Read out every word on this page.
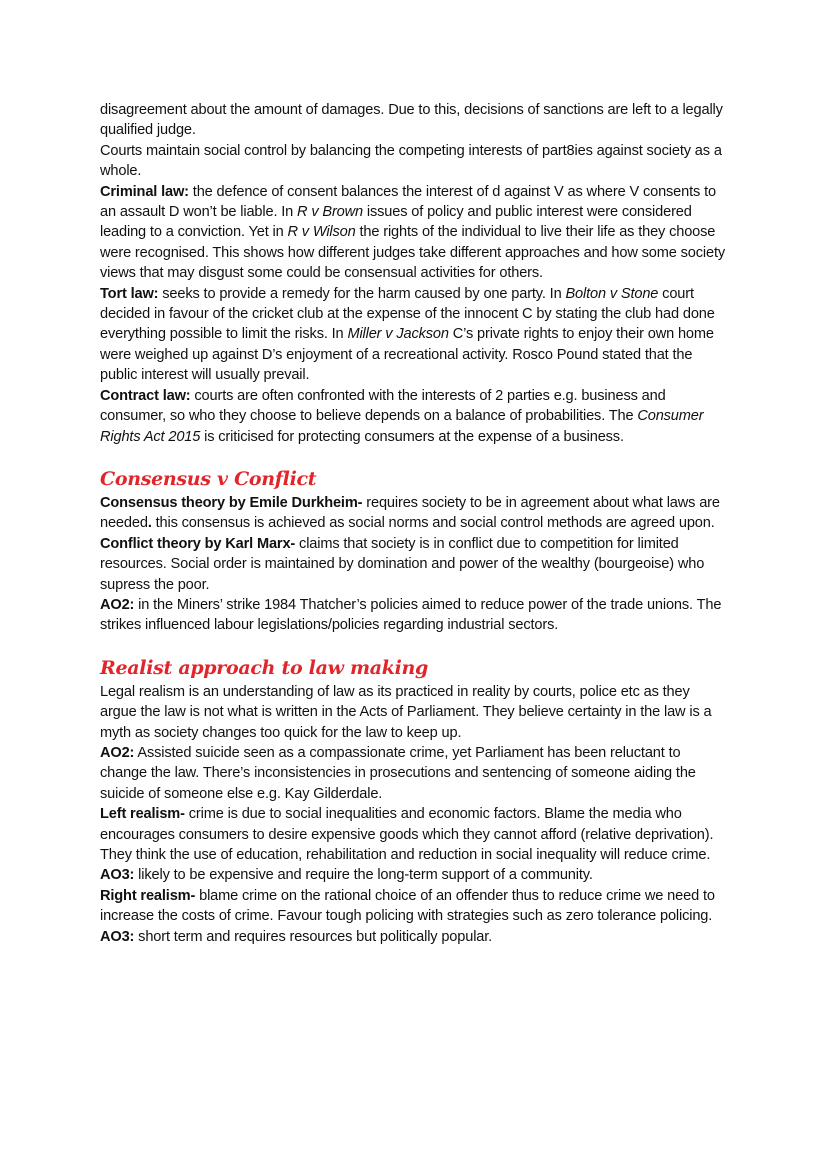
disagreement about the amount of damages. Due to this, decisions of sanctions are left to a legally qualified judge.

Courts maintain social control by balancing the competing interests of part8ies against society as a whole.

Criminal law: the defence of consent balances the interest of d against V as where V consents to an assault D won’t be liable. In R v Brown issues of policy and public interest were considered leading to a conviction. Yet in R v Wilson the rights of the individual to live their life as they choose were recognised. This shows how different judges take different approaches and how some society views that may disgust some could be consensual activities for others.

Tort law: seeks to provide a remedy for the harm caused by one party. In Bolton v Stone court decided in favour of the cricket club at the expense of the innocent C by stating the club had done everything possible to limit the risks. In Miller v Jackson C’s private rights to enjoy their own home were weighed up against D’s enjoyment of a recreational activity. Rosco Pound stated that the public interest will usually prevail.

Contract law: courts are often confronted with the interests of 2 parties e.g. business and consumer, so who they choose to believe depends on a balance of probabilities. The Consumer Rights Act 2015 is criticised for protecting consumers at the expense of a business.

Consensus v Conflict

Consensus theory by Emile Durkheim- requires society to be in agreement about what laws are needed. this consensus is achieved as social norms and social control methods are agreed upon.

Conflict theory by Karl Marx- claims that society is in conflict due to competition for limited resources. Social order is maintained by domination and power of the wealthy (bourgeoise) who supress the poor.

AO2: in the Miners’ strike 1984 Thatcher’s policies aimed to reduce power of the trade unions. The strikes influenced labour legislations/policies regarding industrial sectors.

Realist approach to law making

Legal realism is an understanding of law as its practiced in reality by courts, police etc as they argue the law is not what is written in the Acts of Parliament. They believe certainty in the law is a myth as society changes too quick for the law to keep up.

AO2: Assisted suicide seen as a compassionate crime, yet Parliament has been reluctant to change the law. There’s inconsistencies in prosecutions and sentencing of someone aiding the suicide of someone else e.g. Kay Gilderdale.

Left realism- crime is due to social inequalities and economic factors. Blame the media who encourages consumers to desire expensive goods which they cannot afford (relative deprivation). They think the use of education, rehabilitation and reduction in social inequality will reduce crime.

AO3: likely to be expensive and require the long-term support of a community.

Right realism- blame crime on the rational choice of an offender thus to reduce crime we need to increase the costs of crime. Favour tough policing with strategies such as zero tolerance policing.

AO3: short term and requires resources but politically popular.
